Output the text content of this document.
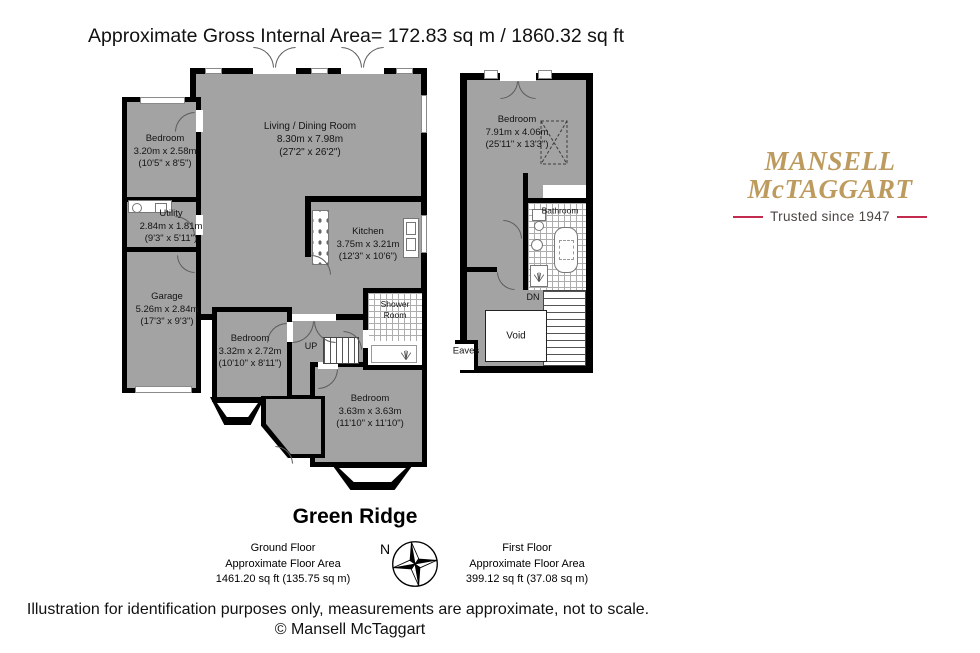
Approximate Gross Internal Area= 172.83 sq m / 1860.32 sq ft
Living / Dining Room
8.30m x 7.98m
(27'2" x 26'2")
Bedroom
3.20m x 2.58m
(10'5" x 8'5")
Utility
2.84m x 1.81m
(9'3" x 5'11")
Garage
5.26m x 2.84m
(17'3" x 9'3")
Kitchen
3.75m x 3.21m
(12'3" x 10'6")
Bedroom
3.32m x 2.72m
(10'10" x 8'11")
Bedroom
3.63m x 3.63m
(11'10" x 11'10")
Shower Room
UP
Bedroom
7.91m x 4.06m
(25'11" x 13'3")
Bathroom
Void
Eaves
DN
MANSELL
McTAGGART
Trusted since 1947
Green Ridge
Ground Floor
Approximate Floor Area
1461.20 sq ft (135.75 sq m)
N	First Floor
Approximate Floor Area
399.12 sq ft (37.08 sq m)
Illustration for identification purposes only, measurements are approximate, not to scale.
© Mansell McTaggart
